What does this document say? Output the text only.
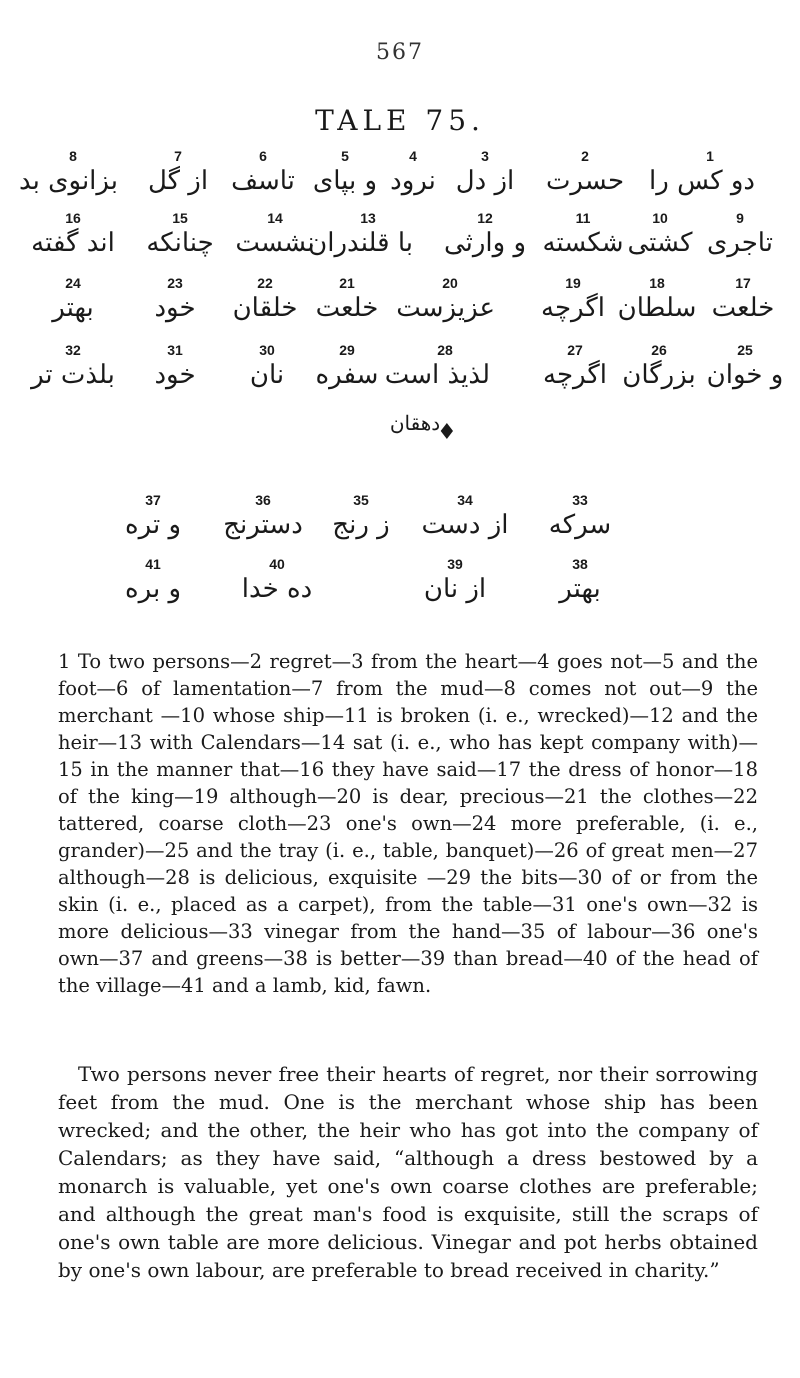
567
TALE 75.
8
بزانوی بد
7
از گل
6
تاسف
5
و بپای
4
نرود
3
از دل
2
حسرت
1
دو کس را
16
اند گفته
15
چنانکه
14
نشست
13
با قلندران
12
و وارثی
11
شکسته
10
کشتی
9
تاجری
24
بهتر
23
خود
22
خلقان
21
خلعت
20
عزیزست
19
اگرچه
18
سلطان
17
خلعت
32
بلذت تر
31
خود
30
نان
29
سفره
28
لذیذ است
27
اگرچه
26
بزرگان
25
و خوان
دهقان
♦
37
و تره
36
دسترنج
35
ز رنج
34
از دست
33
سرکه
41
و بره
40
ده خدا
39
از نان
38
بهتر
1 To two persons—2 regret—3 from the heart—4 goes not—5 and the foot—6 of lamentation—7 from the mud—8 comes not out—9 the merchant —10 whose ship—11 is broken (i. e., wrecked)—12 and the heir—13 with Calendars—14 sat (i. e., who has kept company with)—15 in the manner that—16 they have said—17 the dress of honor—18 of the king—19 although—20 is dear, precious—21 the clothes—22 tattered, coarse cloth—23 one's own—24 more preferable, (i. e., grander)—25 and the tray (i. e., table, banquet)—26 of great men—27 although—28 is delicious, exquisite —29 the bits—30 of or from the skin (i. e., placed as a carpet), from the table—31 one's own—32 is more delicious—33 vinegar from the hand—35 of labour—36 one's own—37 and greens—38 is better—39 than bread—40 of the head of the village—41 and a lamb, kid, fawn.
Two persons never free their hearts of regret, nor their sorrowing feet from the mud. One is the merchant whose ship has been wrecked; and the other, the heir who has got into the company of Calendars; as they have said, “although a dress bestowed by a monarch is valuable, yet one's own coarse clothes are preferable; and although the great man's food is exquisite, still the scraps of one's own table are more delicious. Vinegar and pot herbs obtained by one's own labour, are preferable to bread received in charity.”
